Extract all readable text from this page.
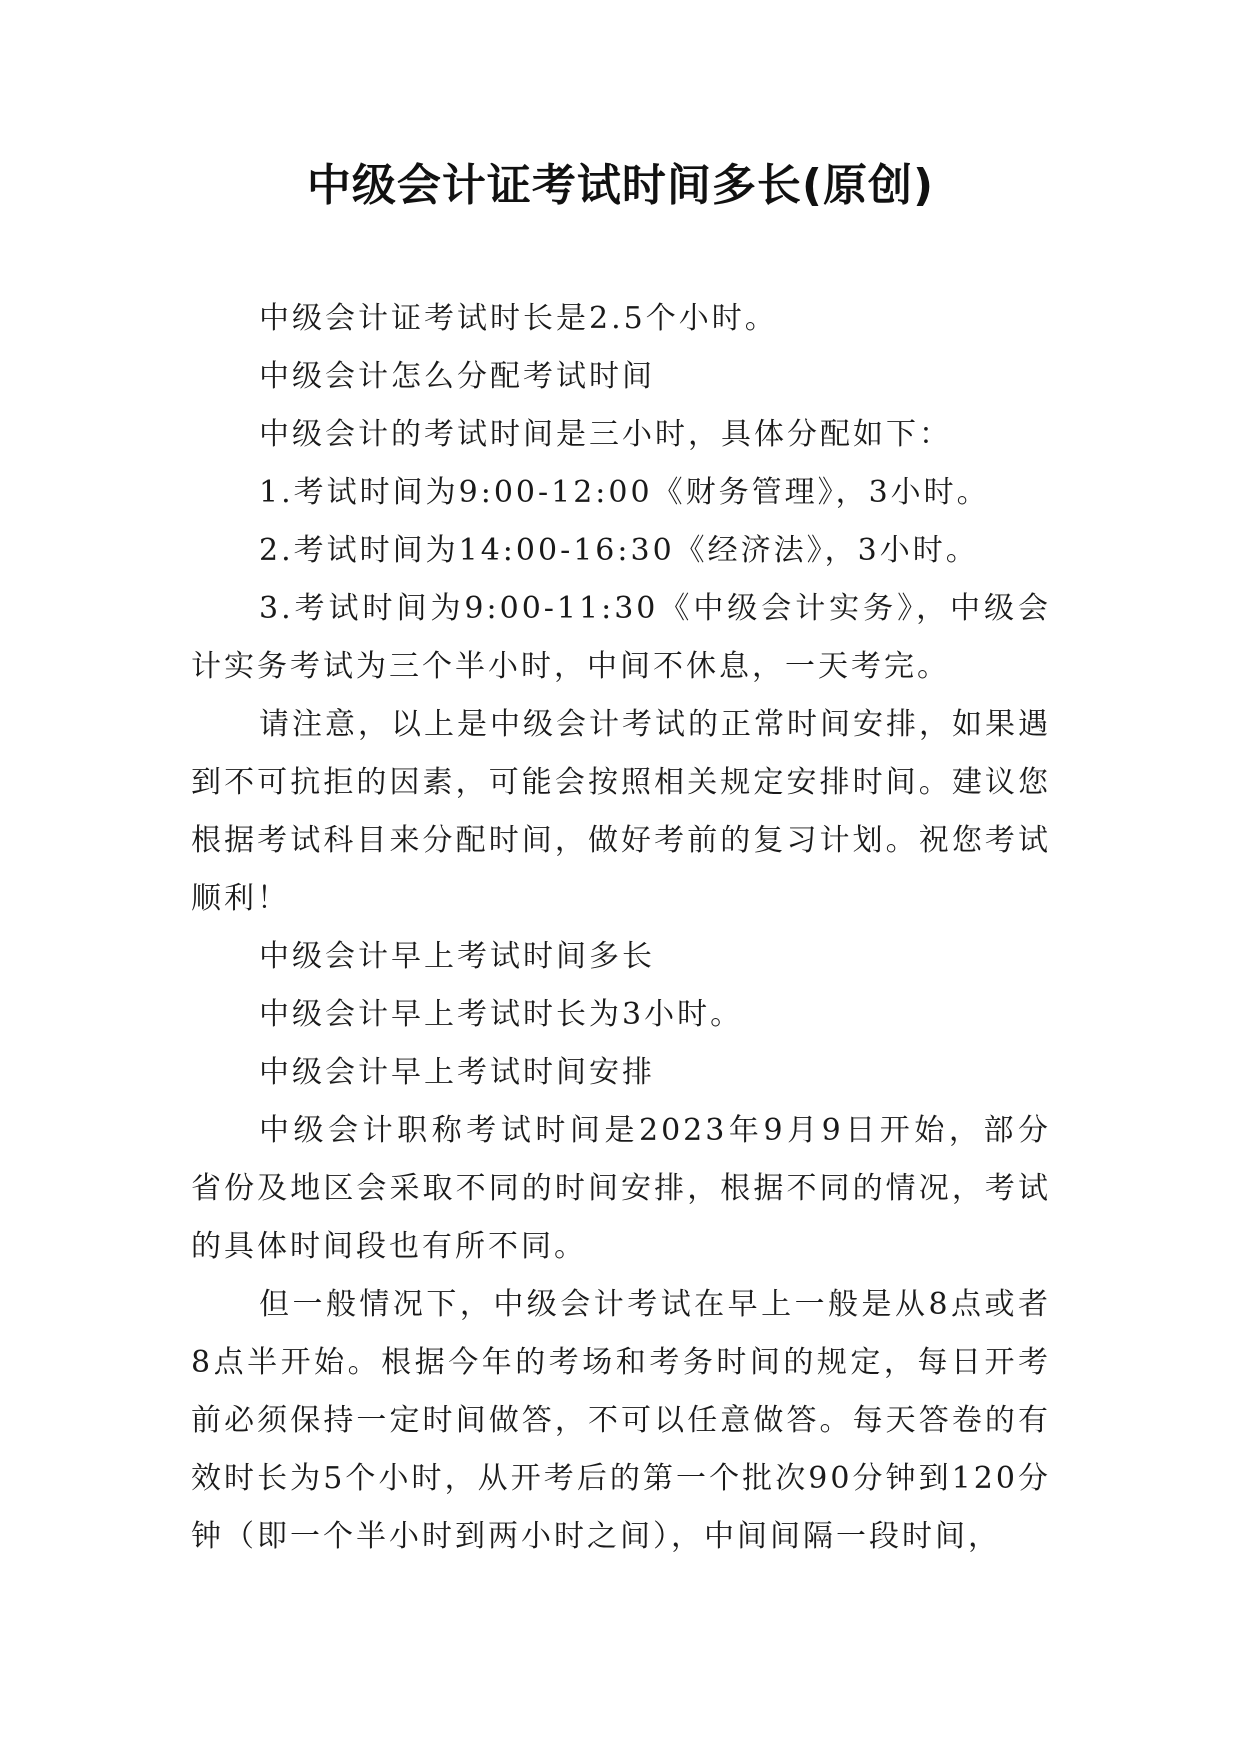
中级会计证考试时间多长(原创)

中级会计证考试时长是2.5个小时。

中级会计怎么分配考试时间

中级会计的考试时间是三小时，具体分配如下：

1.考试时间为9:00-12:00《财务管理》，3小时。

2.考试时间为14:00-16:30《经济法》，3小时。

3.考试时间为9:00-11:30《中级会计实务》，中级会计实务考试为三个半小时，中间不休息，一天考完。

请注意，以上是中级会计考试的正常时间安排，如果遇到不可抗拒的因素，可能会按照相关规定安排时间。建议您根据考试科目来分配时间，做好考前的复习计划。祝您考试顺利！

中级会计早上考试时间多长

中级会计早上考试时长为3小时。

中级会计早上考试时间安排

中级会计职称考试时间是2023年9月9日开始，部分省份及地区会采取不同的时间安排，根据不同的情况，考试的具体时间段也有所不同。

但一般情况下，中级会计考试在早上一般是从8点或者8点半开始。根据今年的考场和考务时间的规定，每日开考前必须保持一定时间做答，不可以任意做答。每天答卷的有效时长为5个小时，从开考后的第一个批次90分钟到120分钟（即一个半小时到两小时之间），中间间隔一段时间，
